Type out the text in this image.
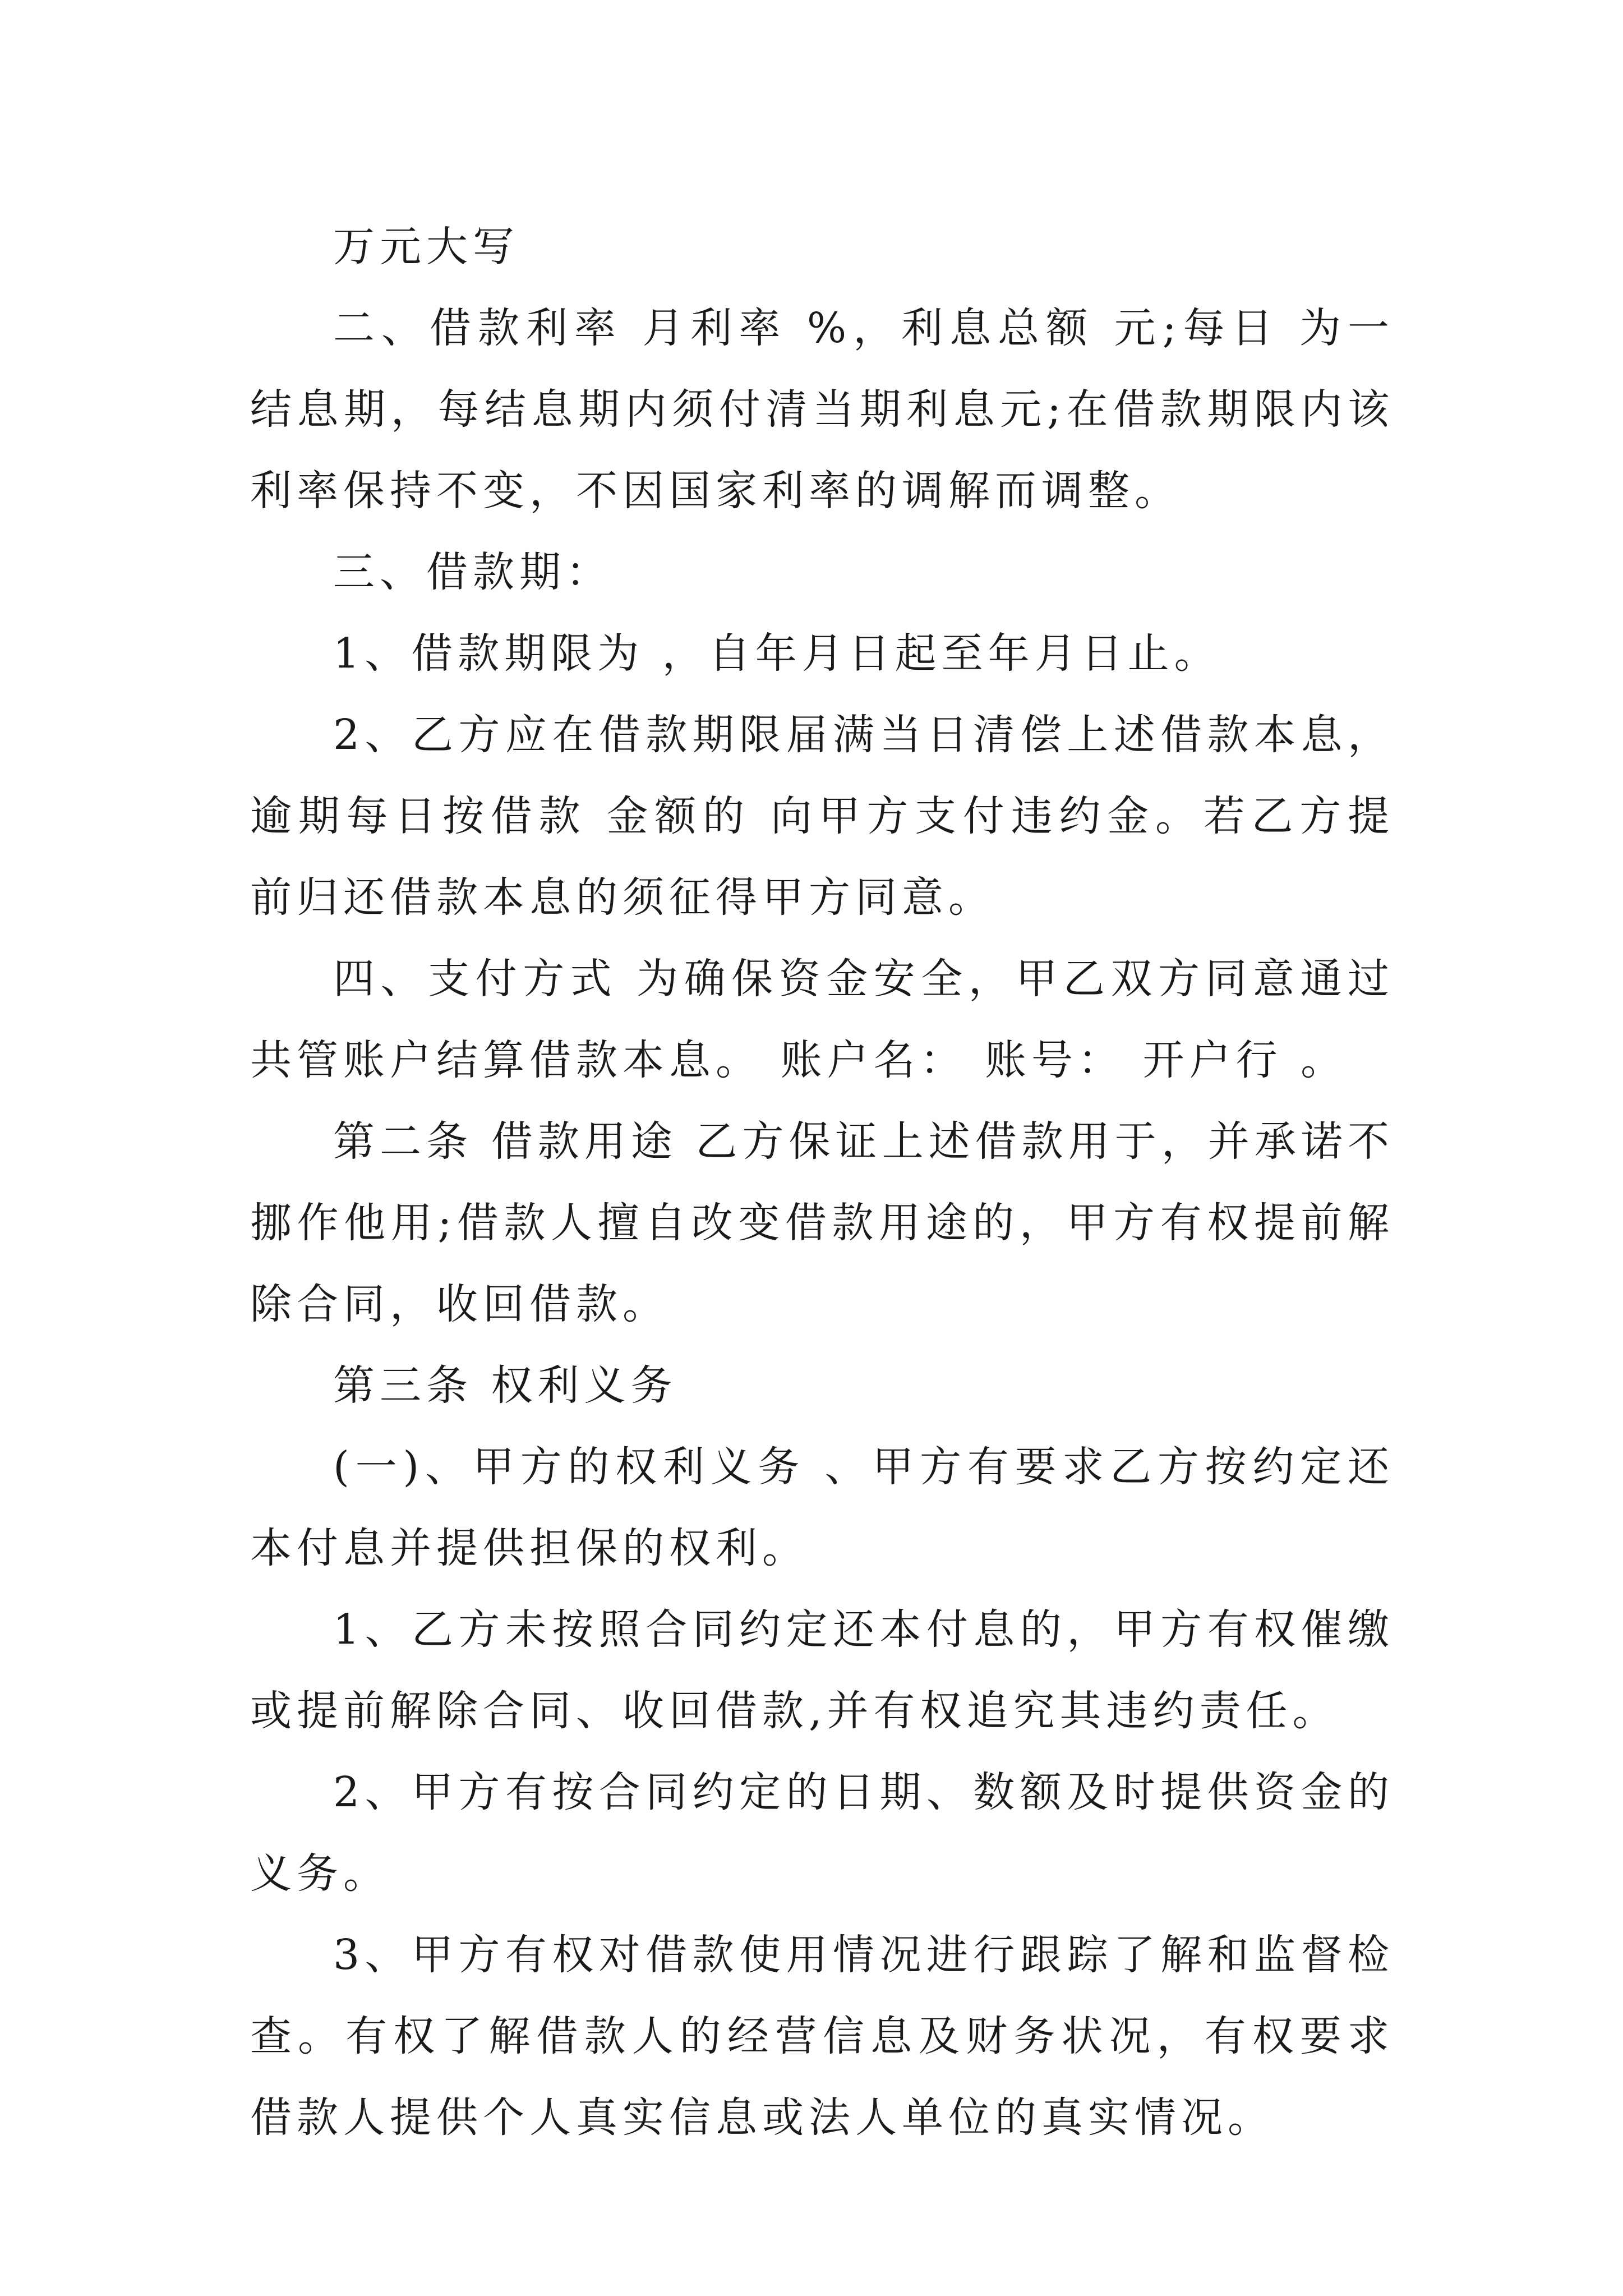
万元大写

二、借款利率 月利率 %，利息总额 元;每日 为一结息期，每结息期内须付清当期利息元;在借款期限内该利率保持不变，不因国家利率的调解而调整。

三、借款期：

1、借款期限为 ，自年月日起至年月日止。

2、乙方应在借款期限届满当日清偿上述借款本息，逾期每日按借款 金额的 向甲方支付违约金。若乙方提前归还借款本息的须征得甲方同意。

四、支付方式 为确保资金安全，甲乙双方同意通过共管账户结算借款本息。 账户名： 账号： 开户行 。

第二条 借款用途 乙方保证上述借款用于，并承诺不挪作他用;借款人擅自改变借款用途的，甲方有权提前解除合同，收回借款。

第三条 权利义务

(一)、甲方的权利义务 、甲方有要求乙方按约定还本付息并提供担保的权利。

1、乙方未按照合同约定还本付息的，甲方有权催缴或提前解除合同、收回借款,并有权追究其违约责任。

2、甲方有按合同约定的日期、数额及时提供资金的义务。

3、甲方有权对借款使用情况进行跟踪了解和监督检查。有权了解借款人的经营信息及财务状况，有权要求借款人提供个人真实信息或法人单位的真实情况。
